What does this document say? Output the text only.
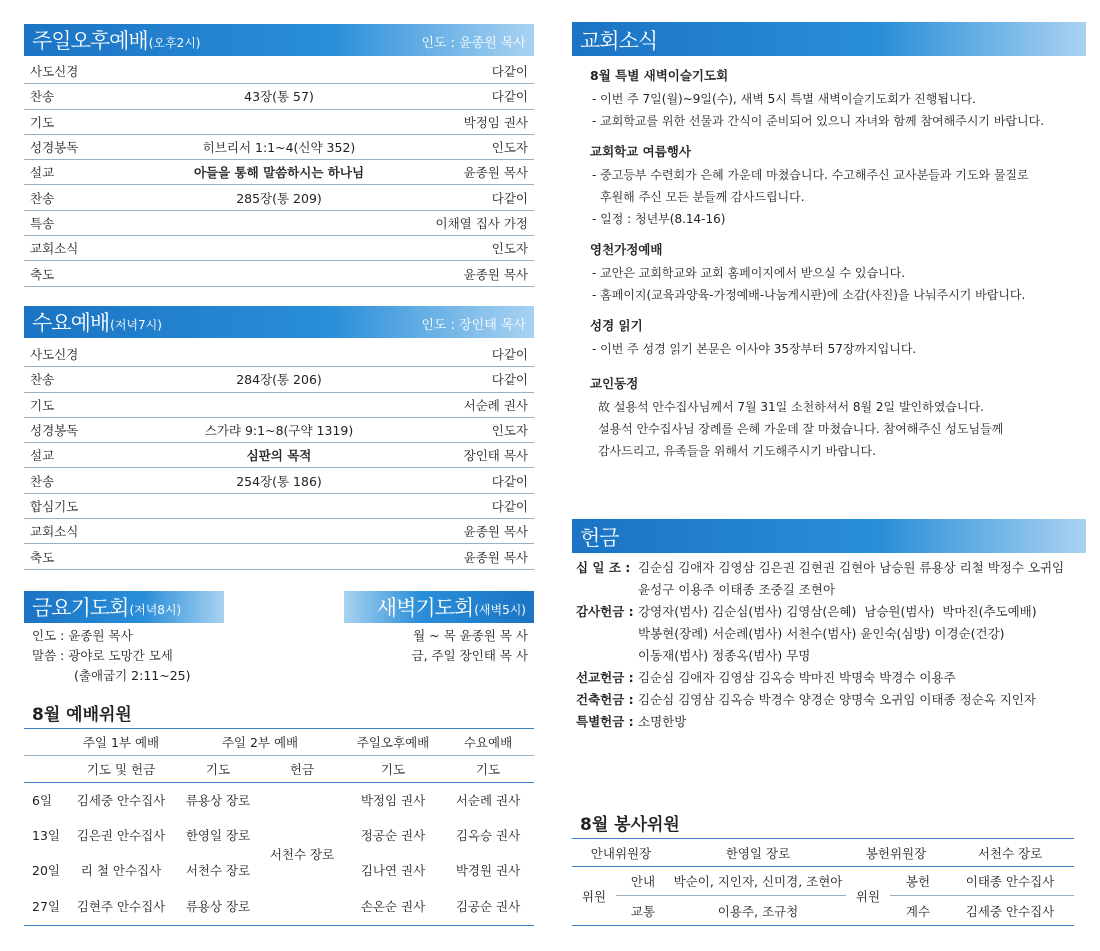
주일오후예배 (오후2시)	인도 : 윤종원 목사
사도신경	다같이
찬송	43장(통 57)	다같이
기도	박정임 권사
성경봉독	히브리서 1:1~4(신약 352)	인도자
설교	아들을 통해 말씀하시는 하나님	윤종원 목사
찬송	285장(통 209)	다같이
특송	이채열 집사 가정
교회소식	인도자
축도	윤종원 목사
수요예배 (저녁7시)	인도 : 장인태 목사
사도신경	다같이
찬송	284장(통 206)	다같이
기도	서순례 권사
성경봉독	스가랴 9:1~8(구약 1319)	인도자
설교	심판의 목적	장인태 목사
찬송	254장(통 186)	다같이
합심기도	다같이
교회소식	윤종원 목사
축도	윤종원 목사
금요기도회 (저녁8시)
인도 : 윤종원 목사
말씀 : 광야로 도망간 모세
(출애굽기 2:11~25)
새벽기도회 (새벽5시)
월 ~ 목 윤종원 목 사
금, 주일 장인태 목 사
8월 예배위원
	주일 1부 예배	주일 2부 예배		주일오후예배	수요예배
	기도 및 헌금	기도	헌금	기도	기도
6일	김세중 안수집사	류용상 장로	서천수 장로	박정임 권사	서순례 권사
13일	김은권 안수집사	한영일 장로		정공순 권사	김옥승 권사
20일	리 철 안수집사	서천수 장로		김나연 권사	박경원 권사
27일	김현주 안수집사	류용상 장로		손온순 권사	김공순 권사
교회소식
8월 특별 새벽이슬기도회
- 이번 주 7일(월)~9일(수), 새벽 5시 특별 새벽이슬기도회가 진행됩니다.
- 교회학교를 위한 선물과 간식이 준비되어 있으니 자녀와 함께 참여해주시기 바랍니다.
교회학교 여름행사
- 중고등부 수련회가 은혜 가운데 마쳤습니다. 수고해주신 교사분들과 기도와 물질로
후원해 주신 모든 분들께 감사드립니다.
- 일정 : 청년부(8.14-16)
영천가정예배
- 교안은 교회학교와 교회 홈페이지에서 받으실 수 있습니다.
- 홈페이지(교육과양육-가정예배-나눔게시판)에 소감(사진)을 나눠주시기 바랍니다.
성경 읽기
- 이번 주 성경 읽기 본문은 이사야 35장부터 57장까지입니다.
교인동정
故 설용석 안수집사님께서 7월 31일 소천하셔서 8월 2일 발인하였습니다.
설용석 안수집사님 장례를 은혜 가운데 잘 마쳤습니다. 참여해주신 성도님들께
감사드리고, 유족들을 위해서 기도해주시기 바랍니다.
헌금
십 일 조 : 김순심 김애자 김영삼 김은권 김현권 김현아 남승원 류용상 리철 박정수 오귀임
윤성구 이용주 이태종 조중길 조현아
감사헌금 : 강영자(범사) 김순심(범사) 김영삼(은혜)  남승원(범사)  박마진(추도예배)
박봉현(장례) 서순례(범사) 서천수(범사) 윤인숙(심방) 이경순(건강)
이동재(범사) 정종옥(범사) 무명
선교헌금 : 김순심 김애자 김영삼 김옥승 박마진 박명숙 박경수 이용주
건축헌금 : 김순심 김영삼 김옥승 박경수 양경순 양명숙 오귀임 이태종 정순옥 지인자
특별헌금 : 소명한방
8월 봉사위원
안내위원장		한영일 장로	봉헌위원장		서천수 장로
위원	안내	박순이, 지인자, 신미경, 조현아	위원	봉헌	이태종 안수집사
	교통	이용주, 조규청		계수	김세중 안수집사
